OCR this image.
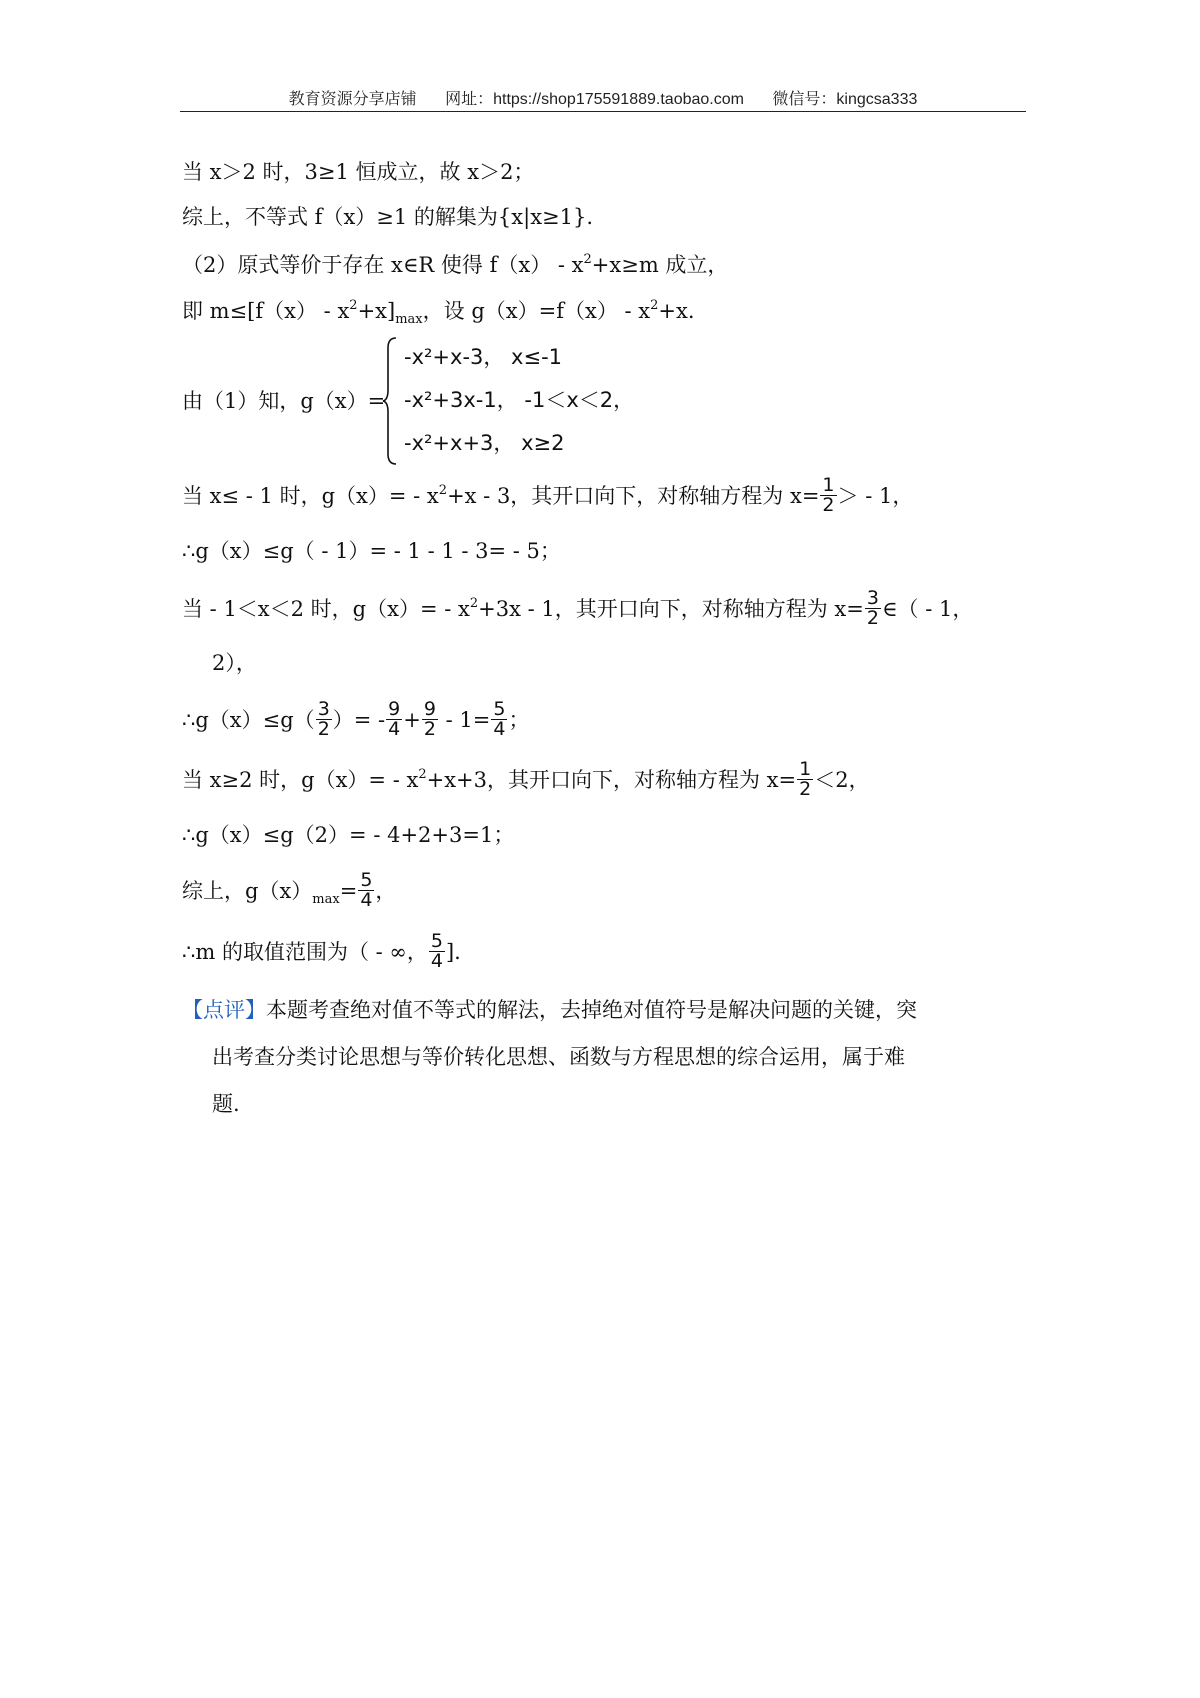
教育资源分享店铺 网址：https://shop175591889.taobao.com 微信号：kingcsa333
当 x＞2 时，3≥1 恒成立，故 x＞2；
综上，不等式 f（x）≥1 的解集为{x|x≥1}.
（2）原式等价于存在 x∈R 使得 $f(x) - x^2+x\ge m$ 成立，
即 $m\le[f(x) - x^2+x]_{max}$，设 $g(x)=f(x) - x^2+x$.
由（1）知，g（x）=
-x²+x-3， x≤-1
-x²+3x-1， -1＜x＜2，
-x²+x+3， x≥2
当 x≤ - 1 时，$g(x)= - x^2+x - 3$，其开口向下，对称轴方程为 $x= \frac{1}{2}$ ＞ - 1，
∴g（x）≤g（ - 1）= - 1 - 1 - 3= - 5；
当 - 1＜x＜2 时，$g(x)= - x^2+3x - 1$，其开口向下，对称轴方程为 $x= \frac{3}{2}$ ∈（ - 1，
2），
∴g（x）≤g（ $\frac{3}{2}$ ）= - $\frac{9}{4} + \frac{9}{2} - 1= \frac{5}{4}$ ；
当 x≥2 时，$g(x)= - x^2+x+3$，其开口向下，对称轴方程为 $x= \frac{1}{2} <2$，
∴g（x）≤g（2）= - 4+2+3=1；
综上，$g(x)_{max}= \frac{5}{4}$ ，
∴m 的取值范围为（ - ∞， $\frac{5}{4}$ ].
【点评】本题考查绝对值不等式的解法，去掉绝对值符号是解决问题的关键，突
出考查分类讨论思想与等价转化思想、函数与方程思想的综合运用，属于难
题.
